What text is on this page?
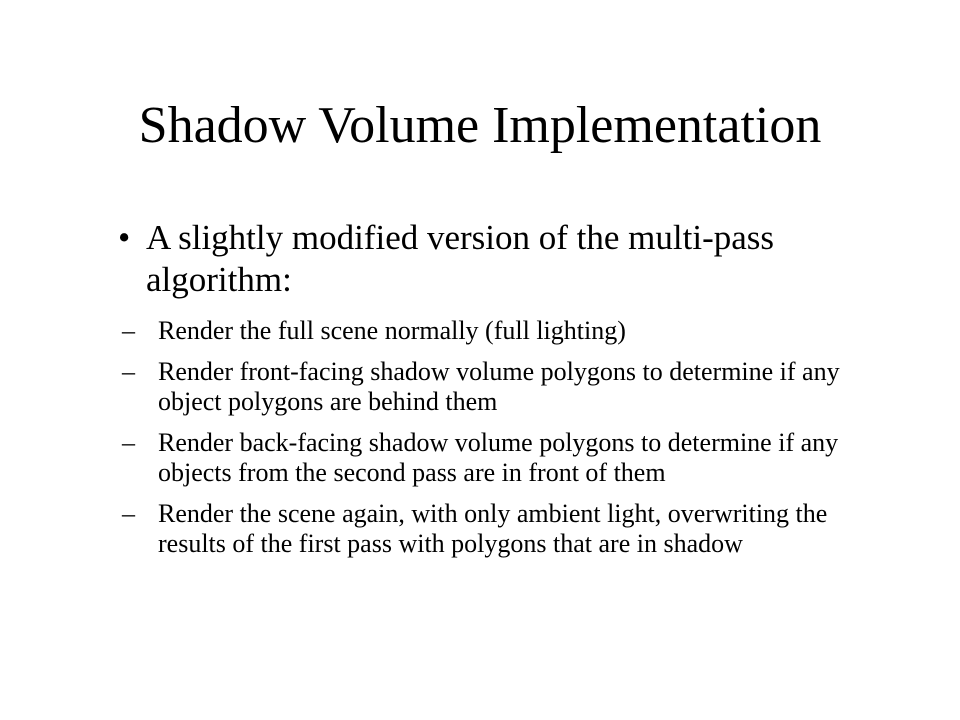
Shadow Volume Implementation
• A slightly modified version of the multi-pass algorithm:
– Render the full scene normally (full lighting)
– Render front-facing shadow volume polygons to determine if any object polygons are behind them
– Render back-facing shadow volume polygons to determine if any objects from the second pass are in front of them
– Render the scene again, with only ambient light, overwriting the results of the first pass with polygons that are in shadow
